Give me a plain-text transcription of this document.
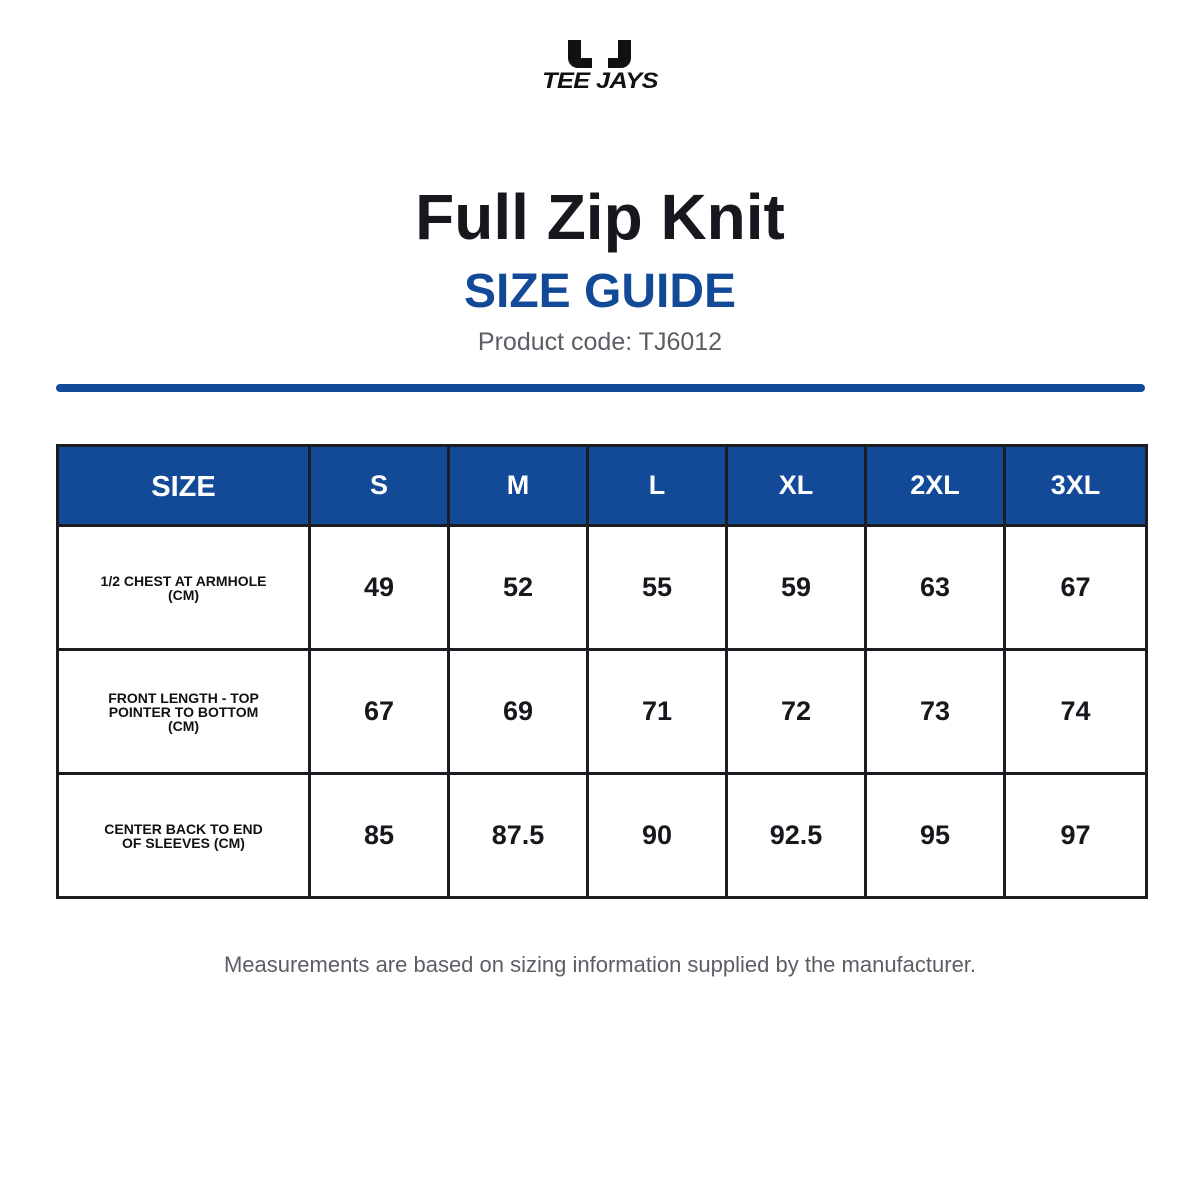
TEE JAYS
Full Zip Knit
SIZE GUIDE
Product code: TJ6012
SIZE	S	M	L	XL	2XL	3XL
1/2 CHEST AT ARMHOLE (CM)	49	52	55	59	63	67
FRONT LENGTH - TOP POINTER TO BOTTOM (CM)	67	69	71	72	73	74
CENTER BACK TO END OF SLEEVES (CM)	85	87.5	90	92.5	95	97
Measurements are based on sizing information supplied by the manufacturer.
